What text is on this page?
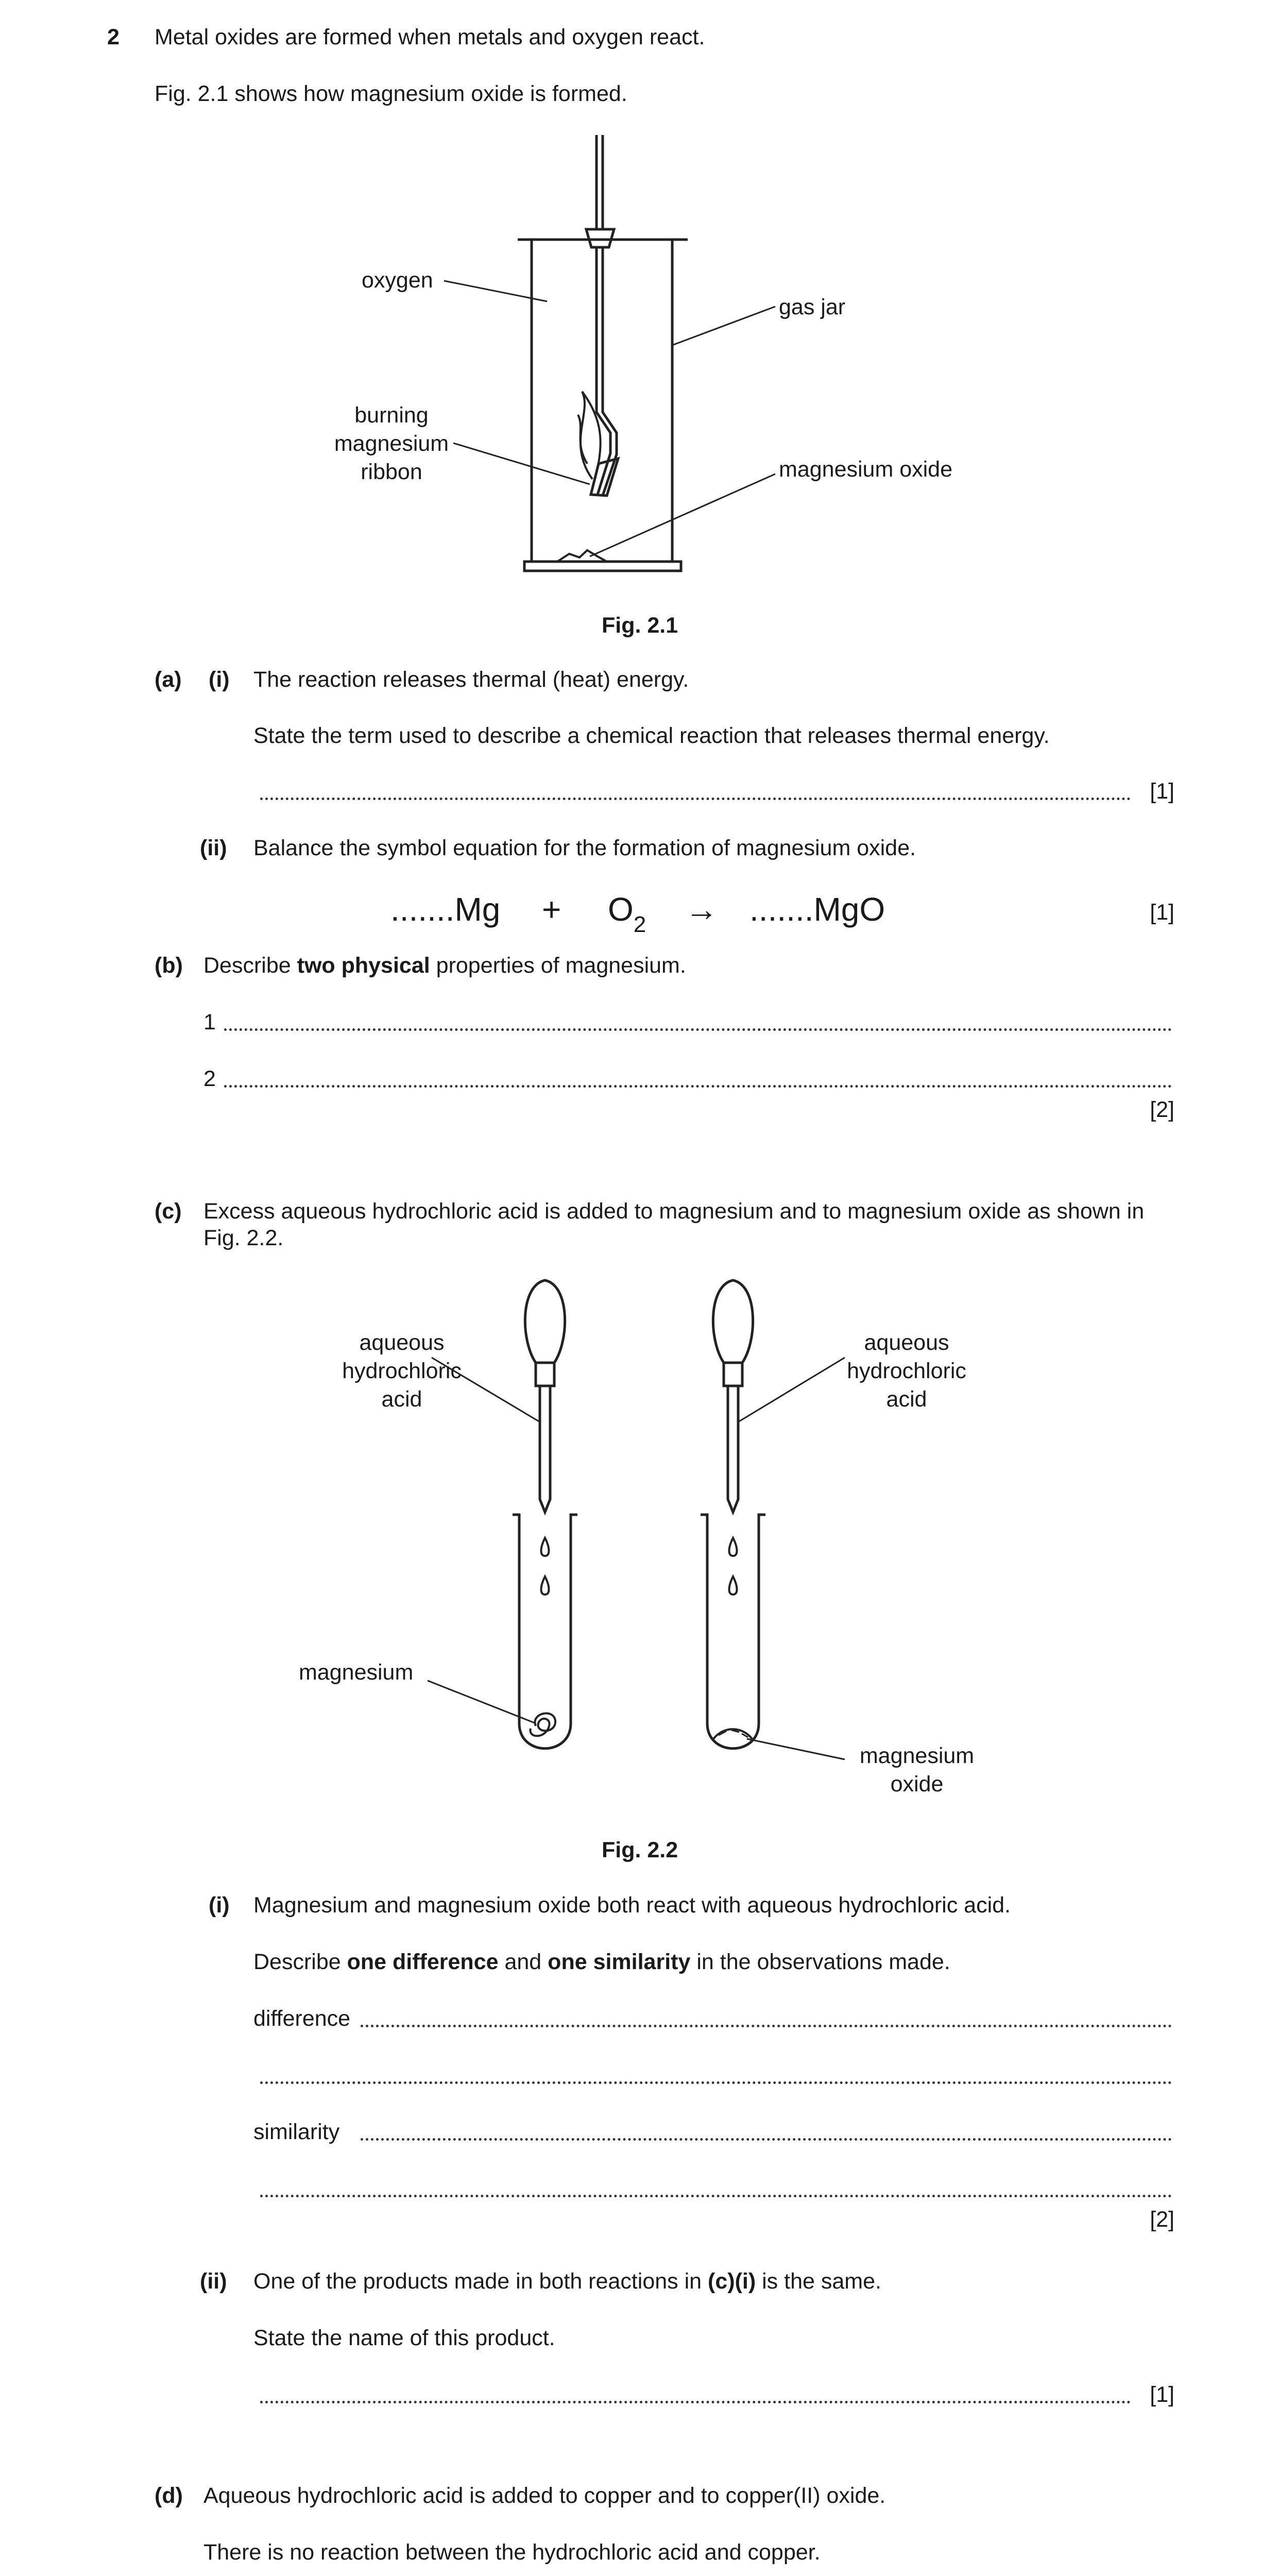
2 Metal oxides are formed when metals and oxygen react.
Fig. 2.1 shows how magnesium oxide is formed.
oxygen
gas jar
burning
magnesium
ribbon	magnesium oxide
Fig. 2.1
(a) (i) The reaction releases thermal (heat) energy.
State the term used to describe a chemical reaction that releases thermal energy.
[1]
(ii) Balance the symbol equation for the formation of magnesium oxide.
$.......Mg + O_2 \to .......MgO$	[1]
(b) Describe two physical properties of magnesium.
1
2
[2]
(c) Excess aqueous hydrochloric acid is added to magnesium and to magnesium oxide as shown in Fig. 2.2.
aqueous
hydrochloric
acid
aqueous
hydrochloric
acid
magnesium
magnesium
oxide
Fig. 2.2
(i) Magnesium and magnesium oxide both react with aqueous hydrochloric acid.
Describe one difference and one similarity in the observations made.
difference
similarity
[2]
(ii) One of the products made in both reactions in (c)(i) is the same.
State the name of this product.
[1]
(d) Aqueous hydrochloric acid is added to copper and to copper(II) oxide.
There is no reaction between the hydrochloric acid and copper.
